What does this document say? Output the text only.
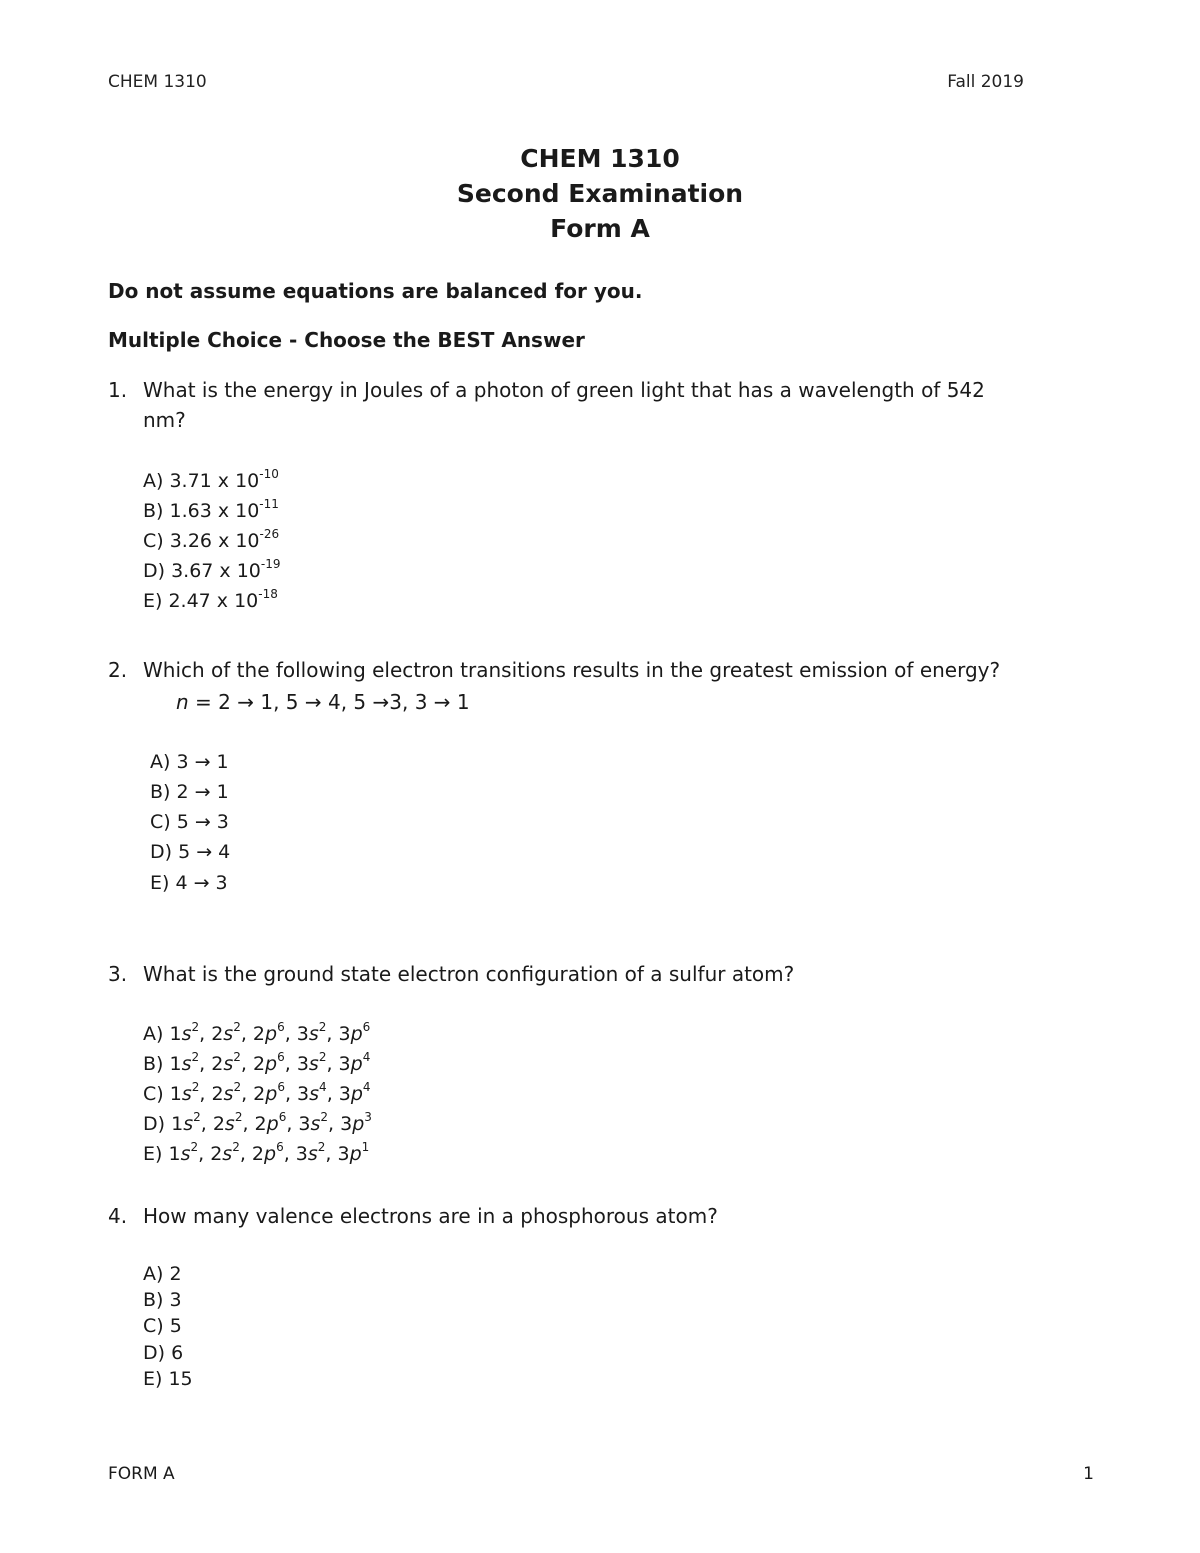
CHEM 1310	Fall 2019
CHEM 1310
Second Examination
Form A
Do not assume equations are balanced for you.
Multiple Choice - Choose the BEST Answer
1. What is the energy in Joules of a photon of green light that has a wavelength of 542
nm?
A) 3.71 x $10^{-10}$
B) 1.63 x $10^{-11}$
C) 3.26 x $10^{-26}$
D) 3.67 x $10^{-19}$
E) 2.47 x $10^{-18}$
2. Which of the following electron transitions results in the greatest emission of energy?
n = 2 → 1, 5 → 4, 5 →3, 3 → 1
A) 3 → 1
B) 2 → 1
C) 5 → 3
D) 5 → 4
E) 4 → 3
3. What is the ground state electron configuration of a sulfur atom?
A) $1s^2$, $2s^2$, $2p^6$, $3s^2$, $3p^6$
B) $1s^2$, $2s^2$, $2p^6$, $3s^2$, $3p^4$
C) $1s^2$, $2s^2$, $2p^6$, $3s^4$, $3p^4$
D) $1s^2$, $2s^2$, $2p^6$, $3s^2$, $3p^3$
E) $1s^2$, $2s^2$, $2p^6$, $3s^2$, $3p^1$
4. How many valence electrons are in a phosphorous atom?
A) 2
B) 3
C) 5
D) 6
E) 15
FORM A	1
